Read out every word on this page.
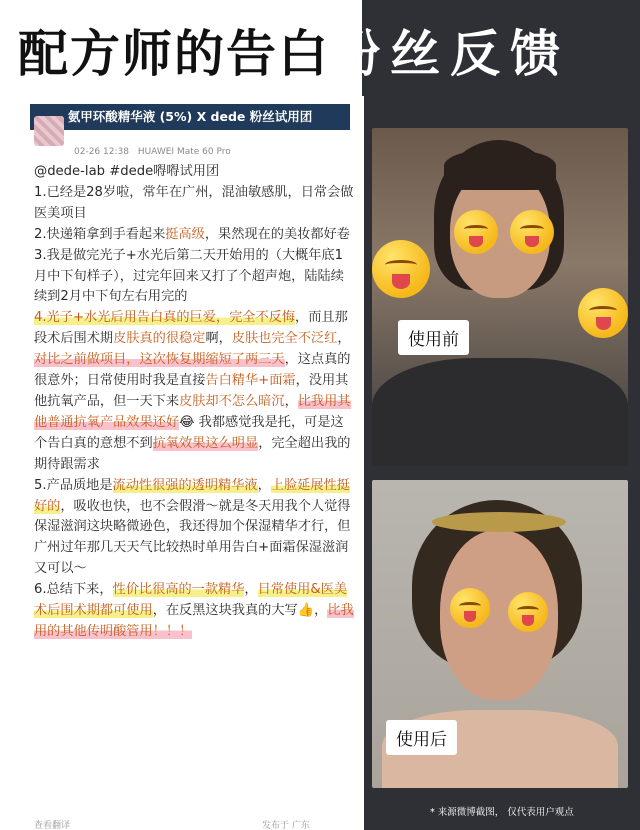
配方师的告白粉丝反馈
氨甲环酸精华液 (5%) X dede 粉丝试用团
02-26 12:38 HUAWEI Mate 60 Pro

@dede-lab #dede嘚嘚试用团

1.已经是28岁啦，常年在广州，混油敏感肌，日常会做医美项目

2.快递箱拿到手看起来挺高级，果然现在的美妆都好卷

3.我是做完光子+水光后第二天开始用的（大概年底1月中下旬样子），过完年回来又打了个超声炮，陆陆续续到2月中下旬左右用完的

4.光子+水光后用告白真的巨爱，完全不反悔，而且那段术后围术期皮肤真的很稳定啊，皮肤也完全不泛红，对比之前做项目，这次恢复期缩短了两三天，这点真的很意外；日常使用时我是直接告白精华+面霜，没用其他抗氧产品，但一天下来皮肤却不怎么暗沉，比我用其他普通抗氧产品效果还好😂 我都感觉我是托，可是这个告白真的意想不到抗氧效果这么明显，完全超出我的期待跟需求

5.产品质地是流动性很强的透明精华液，上脸延展性挺好的，吸收也快，也不会假滑～就是冬天用我个人觉得保湿滋润这块略微逊色，我还得加个保湿精华才行，但广州过年那几天天气比较热时单用告白+面霜保湿滋润又可以～

6.总结下来，性价比很高的一款精华，日常使用&医美术后围术期都可使用，在反黑这块我真的大写👍，比我用的其他传明酸管用！！！

查看翻译	发布于 广东
使用前
使用后
* 来源微博截图， 仅代表用户观点
